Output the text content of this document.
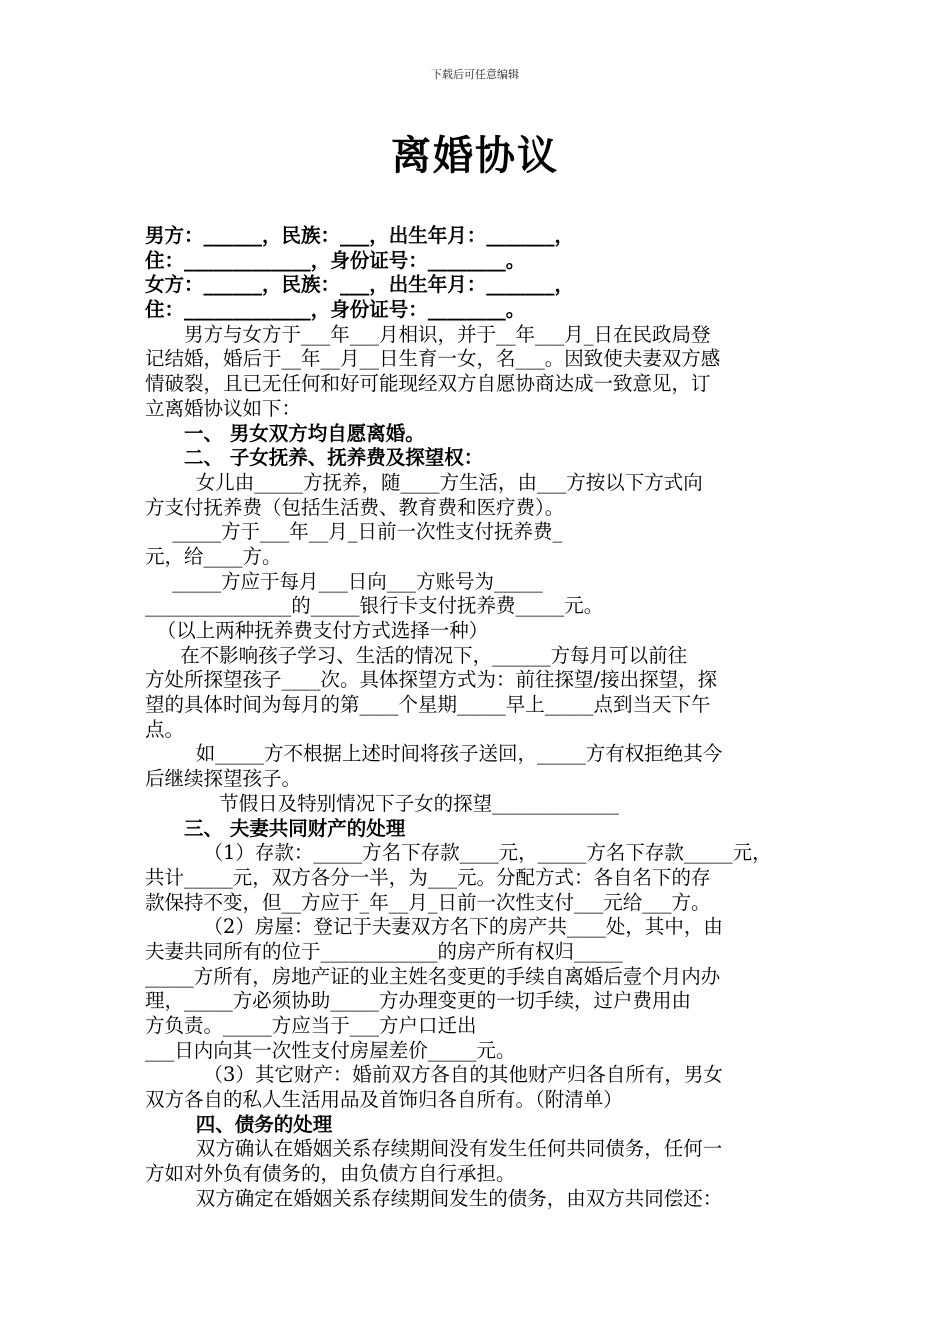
下载后可任意编辑
离婚协议
男方：______，民族：___，出生年月：_______，
住：_____________，身份证号：________。
女方：______，民族：___，出生年月：_______，
住：_____________，身份证号：________。
男方与女方于___年___月相识，并于__年___月_日在民政局登
记结婚，婚后于__年__月__日生育一女，名___。因致使夫妻双方感
情破裂，且已无任何和好可能现经双方自愿协商达成一致意见，订
立离婚协议如下：
一、 男女双方均自愿离婚。
二、 子女抚养、抚养费及探望权：
女儿由_____方抚养，随____方生活，由___方按以下方式向
方支付抚养费（包括生活费、教育费和医疗费）。
_____方于___年__月_日前一次性支付抚养费_
元，给____方。
_____方应于每月___日向___方账号为_____
_______________的_____银行卡支付抚养费_____元。
（以上两种抚养费支付方式选择一种）
在不影响孩子学习、生活的情况下，______方每月可以前往
方处所探望孩子____次。具体探望方式为：前往探望/接出探望，探
望的具体时间为每月的第____个星期_____早上_____点到当天下午
点。
如_____方不根据上述时间将孩子送回，_____方有权拒绝其今
后继续探望孩子。
节假日及特别情况下子女的探望_____________
三、 夫妻共同财产的处理
（1）存款：_____方名下存款____元，_____方名下存款_____元，
共计_____元，双方各分一半，为___元。分配方式：各自名下的存
款保持不变，但__方应于_年__月_日前一次性支付___元给___方。
（2）房屋：登记于夫妻双方名下的房产共____处，其中，由
夫妻共同所有的位于____________的房产所有权归_____
_____方所有，房地产证的业主姓名变更的手续自离婚后壹个月内办
理，_____方必须协助_____方办理变更的一切手续，过户费用由
方负责。_____方应当于___方户口迁出
___日内向其一次性支付房屋差价_____元。
（3）其它财产：婚前双方各自的其他财产归各自所有，男女
双方各自的私人生活用品及首饰归各自所有。（附清单）
四、债务的处理
双方确认在婚姻关系存续期间没有发生任何共同债务，任何一
方如对外负有债务的，由负债方自行承担。
双方确定在婚姻关系存续期间发生的债务，由双方共同偿还：
